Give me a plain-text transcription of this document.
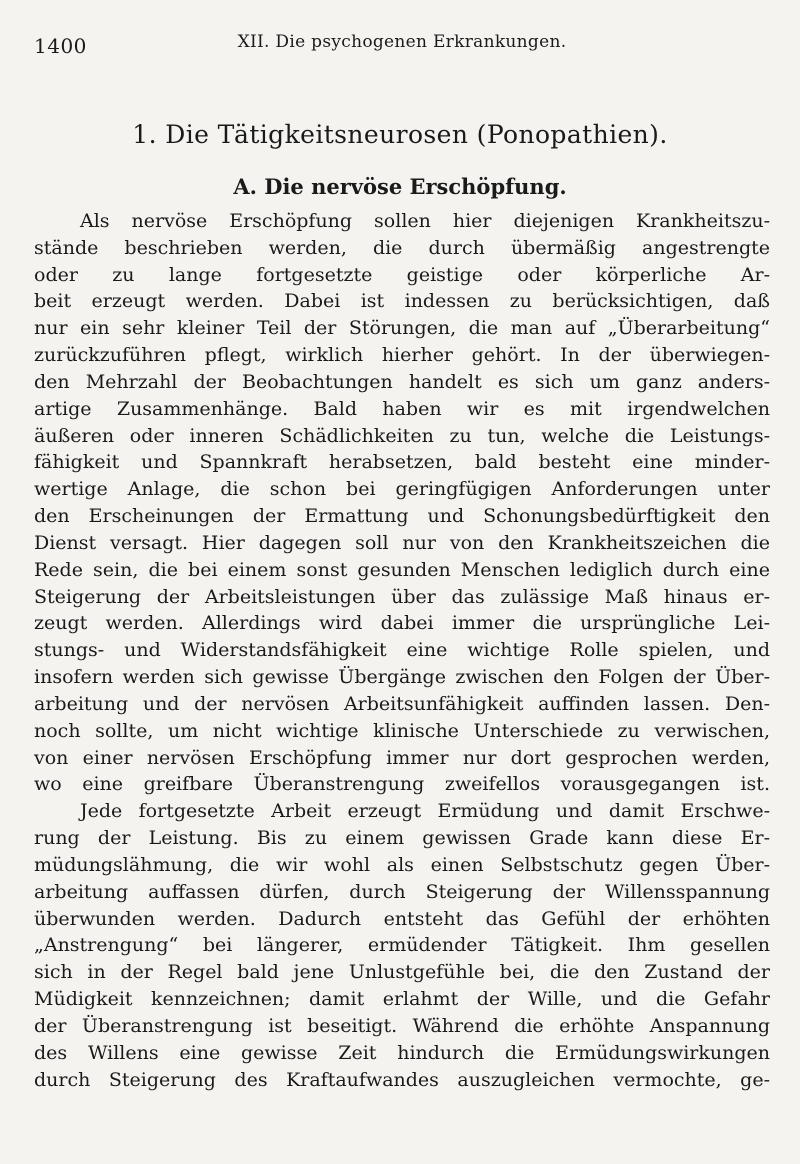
1400	XII. Die psychogenen Erkrankungen.
1. Die Tätigkeitsneurosen (Ponopathien).
A. Die nervöse Erschöpfung.
Als nervöse Erschöpfung sollen hier diejenigen Krankheitszu-
stände beschrieben werden, die durch übermäßig angestrengte
oder zu lange fortgesetzte geistige oder körperliche Ar-
beit erzeugt werden. Dabei ist indessen zu berücksichtigen, daß
nur ein sehr kleiner Teil der Störungen, die man auf „Überarbeitung“
zurückzuführen pflegt, wirklich hierher gehört. In der überwiegen-
den Mehrzahl der Beobachtungen handelt es sich um ganz anders-
artige Zusammenhänge. Bald haben wir es mit irgendwelchen
äußeren oder inneren Schädlichkeiten zu tun, welche die Leistungs-
fähigkeit und Spannkraft herabsetzen, bald besteht eine minder-
wertige Anlage, die schon bei geringfügigen Anforderungen unter
den Erscheinungen der Ermattung und Schonungsbedürftigkeit den
Dienst versagt. Hier dagegen soll nur von den Krankheitszeichen die
Rede sein, die bei einem sonst gesunden Menschen lediglich durch eine
Steigerung der Arbeitsleistungen über das zulässige Maß hinaus er-
zeugt werden. Allerdings wird dabei immer die ursprüngliche Lei-
stungs- und Widerstandsfähigkeit eine wichtige Rolle spielen, und
insofern werden sich gewisse Übergänge zwischen den Folgen der Über-
arbeitung und der nervösen Arbeitsunfähigkeit auffinden lassen. Den-
noch sollte, um nicht wichtige klinische Unterschiede zu verwischen,
von einer nervösen Erschöpfung immer nur dort gesprochen werden,
wo eine greifbare Überanstrengung zweifellos vorausgegangen ist.
Jede fortgesetzte Arbeit erzeugt Ermüdung und damit Erschwe-
rung der Leistung. Bis zu einem gewissen Grade kann diese Er-
müdungslähmung, die wir wohl als einen Selbstschutz gegen Über-
arbeitung auffassen dürfen, durch Steigerung der Willensspannung
überwunden werden. Dadurch entsteht das Gefühl der erhöhten
„Anstrengung“ bei längerer, ermüdender Tätigkeit. Ihm gesellen
sich in der Regel bald jene Unlustgefühle bei, die den Zustand der
Müdigkeit kennzeichnen; damit erlahmt der Wille, und die Gefahr
der Überanstrengung ist beseitigt. Während die erhöhte Anspannung
des Willens eine gewisse Zeit hindurch die Ermüdungswirkungen
durch Steigerung des Kraftaufwandes auszugleichen vermochte, ge-
